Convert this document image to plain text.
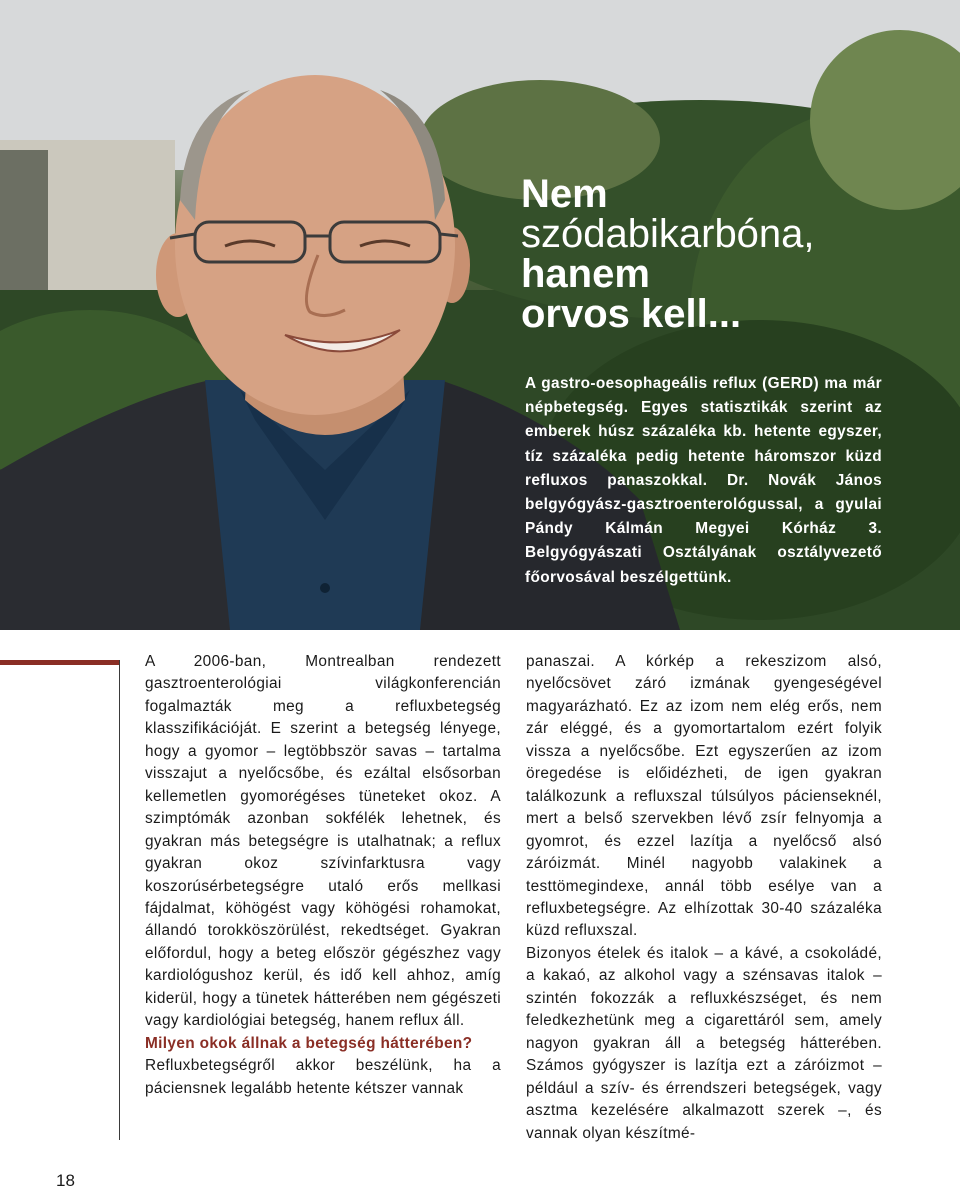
Nem
szódabikarbóna,
hanem
orvos kell...

A gastro-oesophageális reflux (GERD) ma már népbetegség. Egyes statisztikák szerint az emberek húsz százaléka kb. hetente egyszer, tíz százaléka pedig hetente háromszor küzd refluxos panaszokkal. Dr. Novák János belgyógyász-gasztroenterológussal, a gyulai Pándy Kálmán Megyei Kórház 3. Belgyógyászati Osztályának osztályvezető főorvosával beszélgettünk.

A 2006-ban, Montrealban rendezett gasztroenterológiai világkonferencián fogalmazták meg a refluxbetegség klasszifikációját. E szerint a betegség lényege, hogy a gyomor – legtöbbször savas – tartalma visszajut a nyelőcsőbe, és ezáltal elsősorban kellemetlen gyomorégéses tüneteket okoz. A szimptómák azonban sokfélék lehetnek, és gyakran más betegségre is utalhatnak; a reflux gyakran okoz szívinfarktusra vagy koszorúsérbetegségre utaló erős mellkasi fájdalmat, köhögést vagy köhögési rohamokat, állandó torokköszörülést, rekedtséget. Gyakran előfordul, hogy a beteg először gégészhez vagy kardiológushoz kerül, és idő kell ahhoz, amíg kiderül, hogy a tünetek hátterében nem gégészeti vagy kardiológiai betegség, hanem reflux áll.

Milyen okok állnak a betegség hátterében?

Refluxbetegségről akkor beszélünk, ha a páciensnek legalább hetente kétszer vannak

panaszai. A kórkép a rekeszizom alsó, nyelőcsövet záró izmának gyengeségével magyarázható. Ez az izom nem elég erős, nem zár eléggé, és a gyomortartalom ezért folyik vissza a nyelőcsőbe. Ezt egyszerűen az izom öregedése is előidézheti, de igen gyakran találkozunk a refluxszal túlsúlyos pácienseknél, mert a belső szervekben lévő zsír felnyomja a gyomrot, és ezzel lazítja a nyelőcső alsó záróizmát. Minél nagyobb valakinek a testtömegindexe, annál több esélye van a refluxbetegségre. Az elhízottak 30-40 százaléka küzd refluxszal.

Bizonyos ételek és italok – a kávé, a csokoládé, a kakaó, az alkohol vagy a szénsavas italok – szintén fokozzák a refluxkészséget, és nem feledkezhetünk meg a cigarettáról sem, amely nagyon gyakran áll a betegség hátterében. Számos gyógyszer is lazítja ezt a záróizmot – például a szív- és érrendszeri betegségek, vagy asztma kezelésére alkalmazott szerek –, és vannak olyan készítmé-

18
